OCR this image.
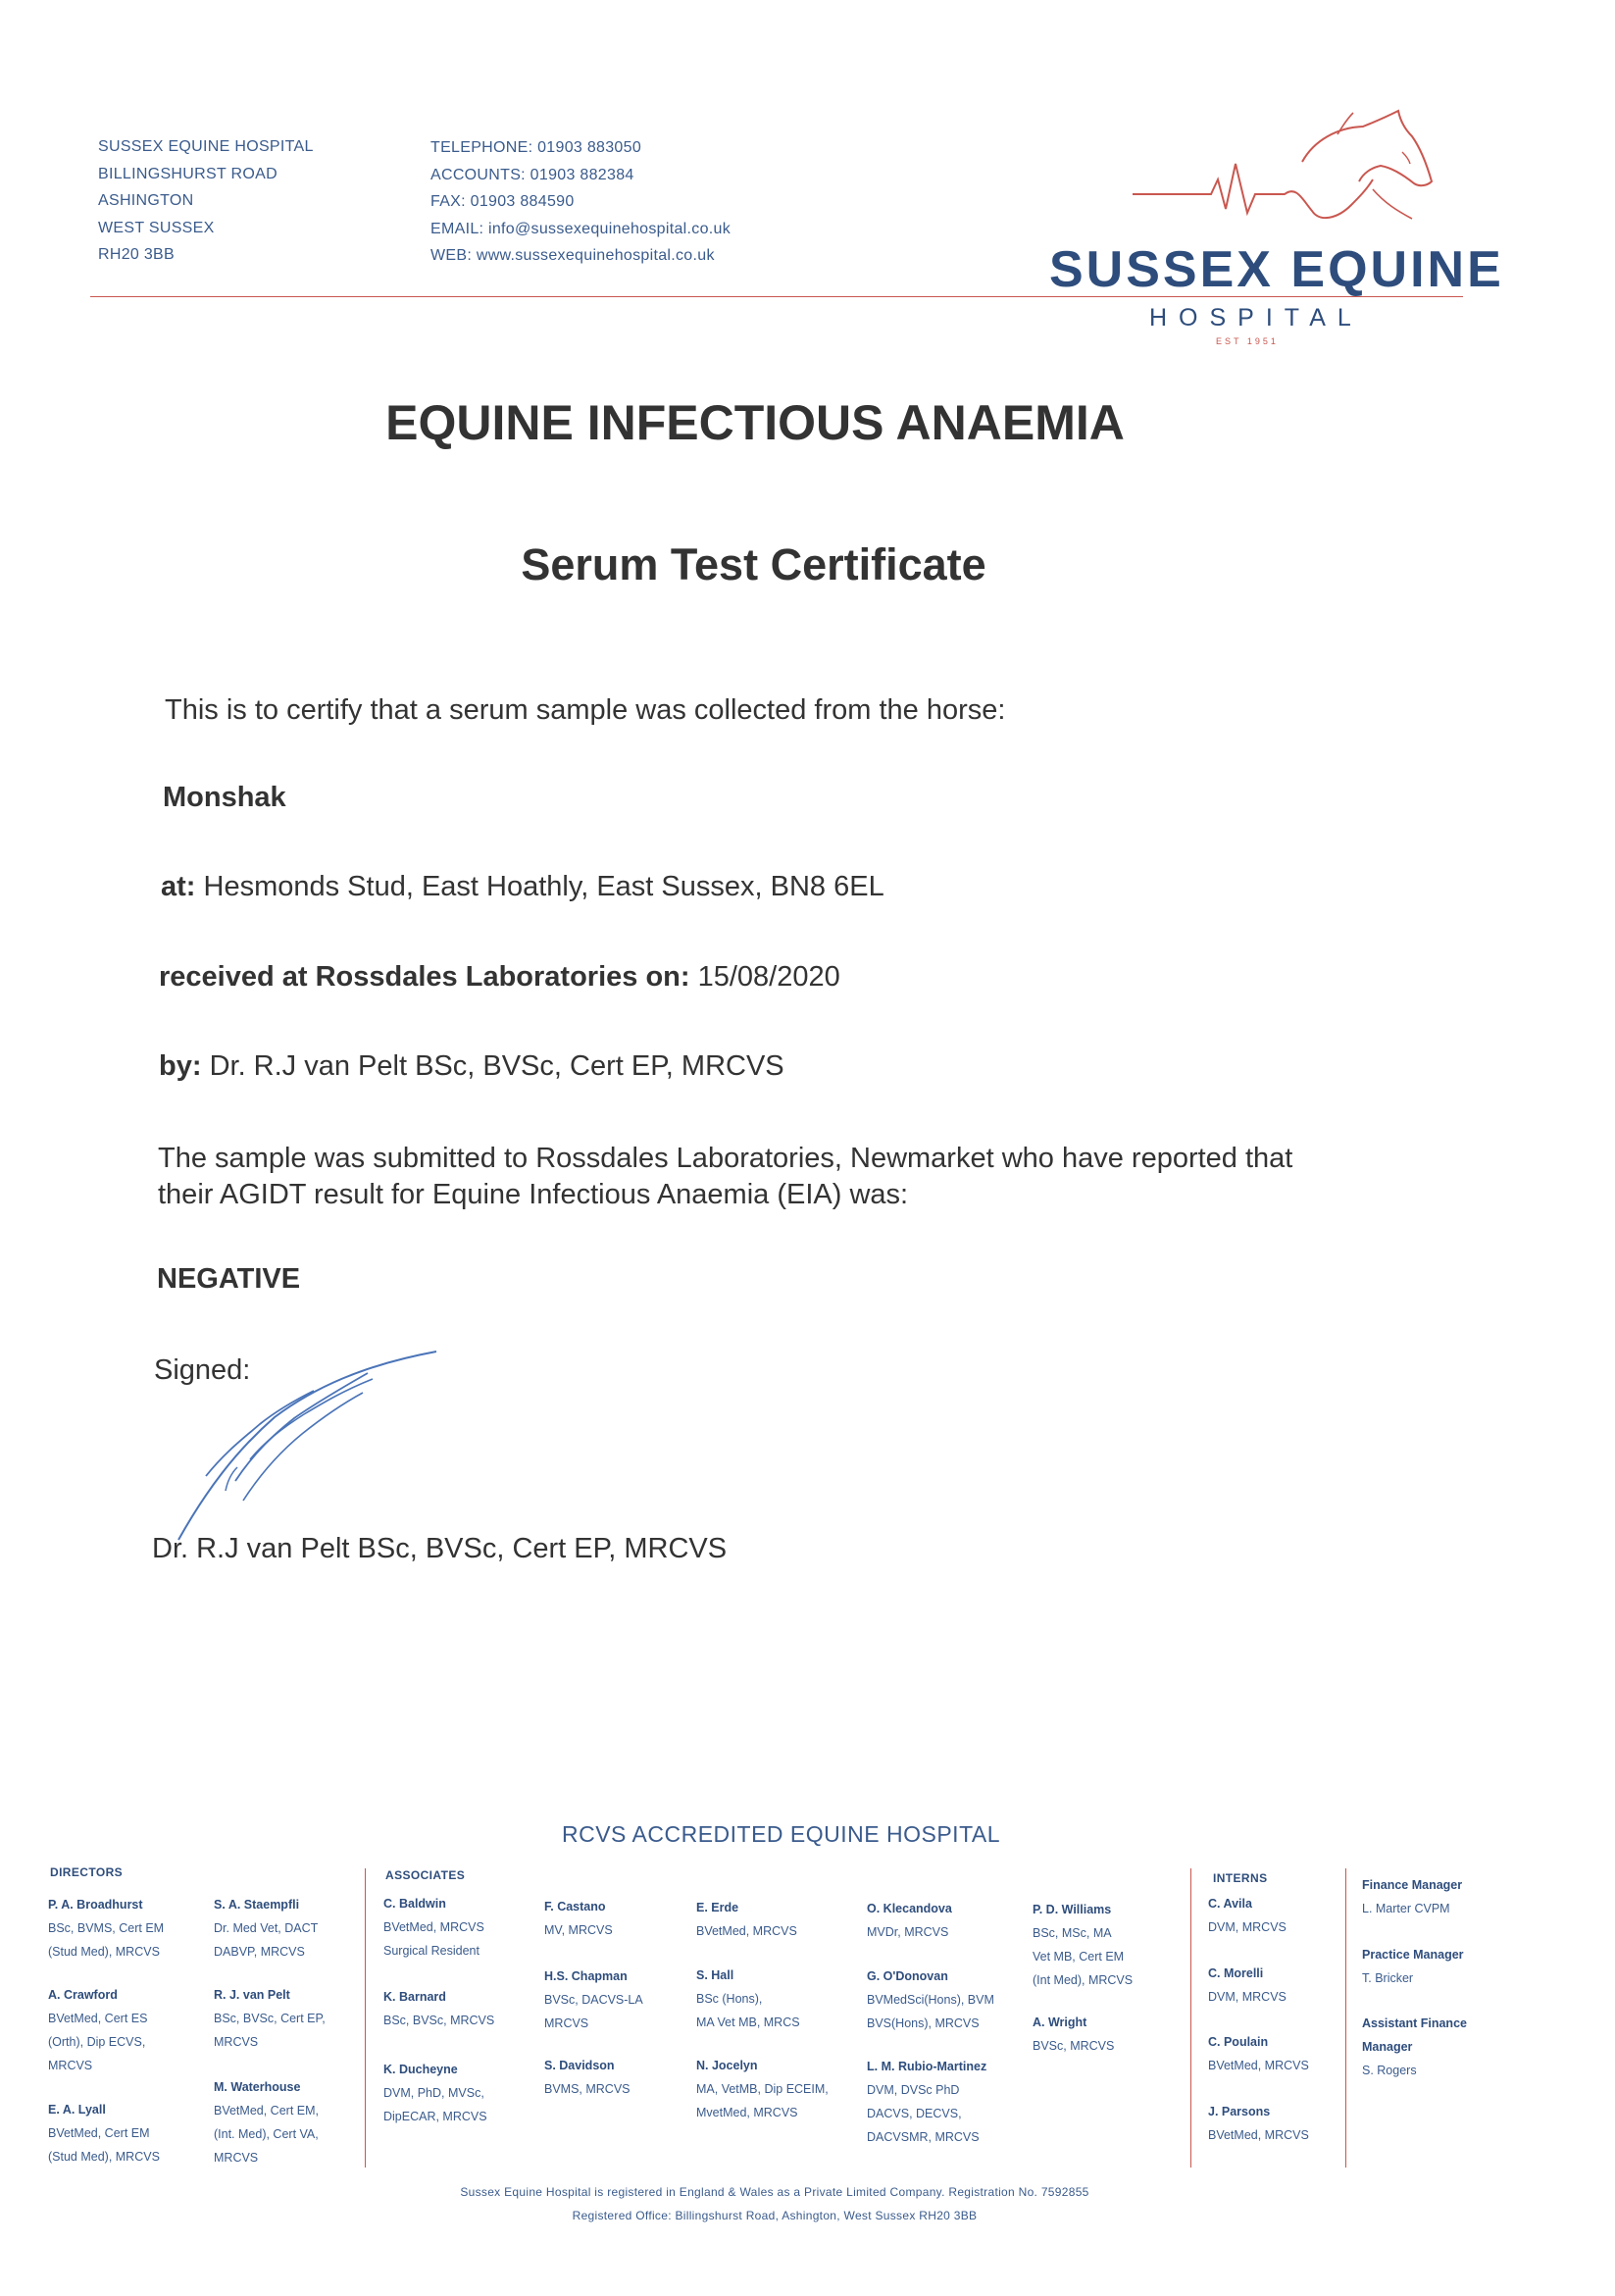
SUSSEX EQUINE HOSPITAL
BILLINGSHURST ROAD
ASHINGTON
WEST SUSSEX
RH20 3BB
TELEPHONE: 01903 883050
ACCOUNTS: 01903 882384
FAX: 01903 884590
EMAIL: info@sussexequinehospital.co.uk
WEB: www.sussexequinehospital.co.uk	SUSSEX EQUINE
HOSPITAL
EST 1951
EQUINE INFECTIOUS ANAEMIA
Serum Test Certificate
This is to certify that a serum sample was collected from the horse:
Monshak
at: Hesmonds Stud, East Hoathly, East Sussex, BN8 6EL
received at Rossdales Laboratories on: 15/08/2020
by: Dr. R.J van Pelt BSc, BVSc, Cert EP, MRCVS
The sample was submitted to Rossdales Laboratories, Newmarket who have reported that
their AGIDT result for Equine Infectious Anaemia (EIA) was:
NEGATIVE
Signed:
Dr. R.J van Pelt BSc, BVSc, Cert EP, MRCVS
RCVS ACCREDITED EQUINE HOSPITAL
DIRECTORS	ASSOCIATES	INTERNS
P. A. Broadhurst
BSc, BVMS, Cert EM
(Stud Med), MRCVS
A. Crawford
BVetMed, Cert ES
(Orth), Dip ECVS,
MRCVS
E. A. Lyall
BVetMed, Cert EM
(Stud Med), MRCVS
S. A. Staempfli
Dr. Med Vet, DACT
DABVP, MRCVS
R. J. van Pelt
BSc, BVSc, Cert EP,
MRCVS
M. Waterhouse
BVetMed, Cert EM,
(Int. Med), Cert VA,
MRCVS
C. Baldwin
BVetMed, MRCVS
Surgical Resident
K. Barnard
BSc, BVSc, MRCVS
K. Ducheyne
DVM, PhD, MVSc,
DipECAR, MRCVS
F. Castano
MV, MRCVS
H.S. Chapman
BVSc, DACVS-LA
MRCVS
S. Davidson
BVMS, MRCVS
E. Erde
BVetMed, MRCVS
S. Hall
BSc (Hons),
MA Vet MB, MRCS
N. Jocelyn
MA, VetMB, Dip ECEIM,
MvetMed, MRCVS
O. Klecandova
MVDr, MRCVS
G. O'Donovan
BVMedSci(Hons), BVM
BVS(Hons), MRCVS
L. M. Rubio-Martinez
DVM, DVSc PhD
DACVS, DECVS,
DACVSMR, MRCVS
P. D. Williams
BSc, MSc, MA
Vet MB, Cert EM
(Int Med), MRCVS
A. Wright
BVSc, MRCVS
C. Avila
DVM, MRCVS
C. Morelli
DVM, MRCVS
C. Poulain
BVetMed, MRCVS
J. Parsons
BVetMed, MRCVS
Finance Manager
L. Marter CVPM
Practice Manager
T. Bricker
Assistant Finance
Manager
S. Rogers
Sussex Equine Hospital is registered in England & Wales as a Private Limited Company. Registration No. 7592855
Registered Office: Billingshurst Road, Ashington, West Sussex RH20 3BB
